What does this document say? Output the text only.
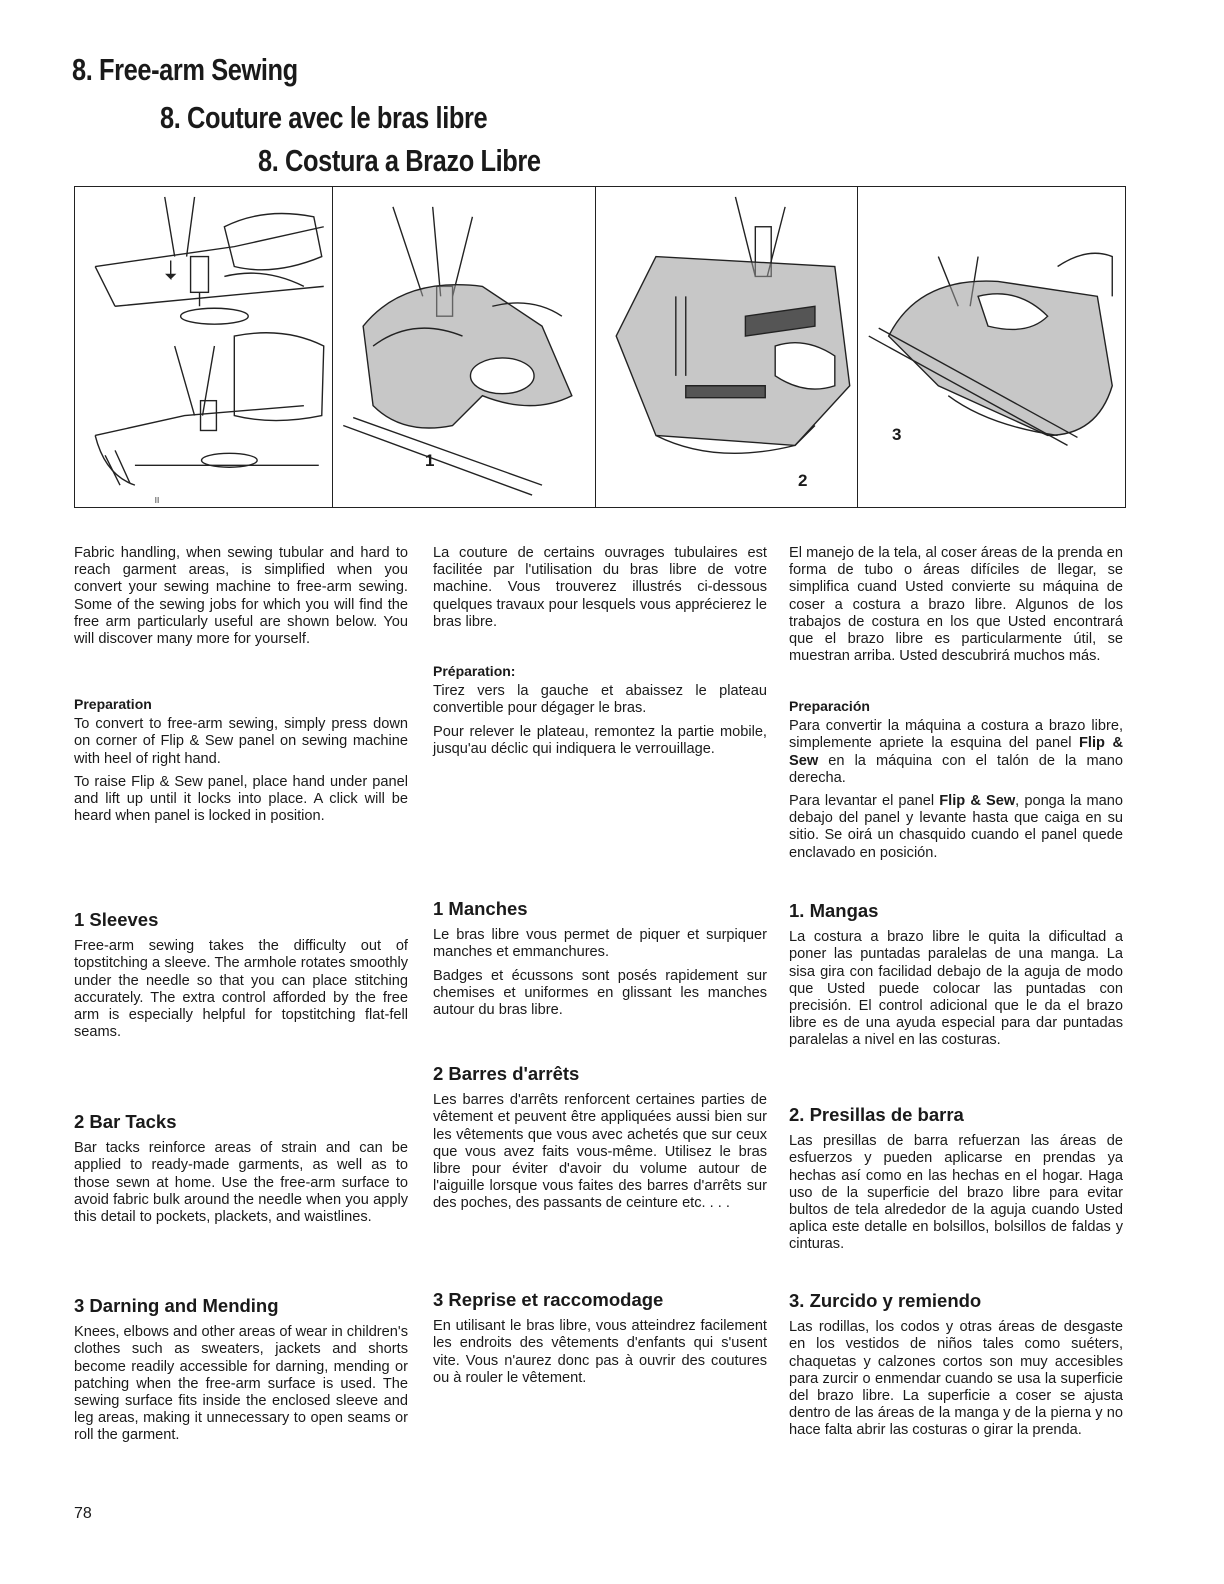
8. Free-arm Sewing
8. Couture avec le bras libre
8. Costura a Brazo Libre
II
1
2
3

Fabric handling, when sewing tubular and hard to reach garment areas, is simplified when you convert your sewing machine to free-arm sewing. Some of the sewing jobs for which you will find the free arm particularly useful are shown below. You will discover many more for yourself.

Preparation

To convert to free-arm sewing, simply press down on corner of Flip & Sew panel on sewing machine with heel of right hand.

To raise Flip & Sew panel, place hand under panel and lift up until it locks into place. A click will be heard when panel is locked in position.

1 Sleeves

Free-arm sewing takes the difficulty out of topstitching a sleeve. The armhole rotates smoothly under the needle so that you can place stitching accurately. The extra control afforded by the free arm is especially helpful for topstitching flat-fell seams.

2 Bar Tacks

Bar tacks reinforce areas of strain and can be applied to ready-made garments, as well as to those sewn at home. Use the free-arm surface to avoid fabric bulk around the needle when you apply this detail to pockets, plackets, and waistlines.

3 Darning and Mending

Knees, elbows and other areas of wear in children's clothes such as sweaters, jackets and shorts become readily accessible for darning, mending or patching when the free-arm surface is used. The sewing surface fits inside the enclosed sleeve and leg areas, making it unnecessary to open seams or roll the garment.

La couture de certains ouvrages tubulaires est facilitée par l'utilisation du bras libre de votre machine. Vous trouverez illustrés ci-dessous quelques travaux pour lesquels vous apprécierez le bras libre.

Préparation:

Tirez vers la gauche et abaissez le plateau convertible pour dégager le bras.

Pour relever le plateau, remontez la partie mobile, jusqu'au déclic qui indiquera le verrouillage.

1 Manches

Le bras libre vous permet de piquer et surpiquer manches et emmanchures.

Badges et écussons sont posés rapidement sur chemises et uniformes en glissant les manches autour du bras libre.

2 Barres d'arrêts

Les barres d'arrêts renforcent certaines parties de vêtement et peuvent être appliquées aussi bien sur les vêtements que vous avec achetés que sur ceux que vous avez faits vous-même. Utilisez le bras libre pour éviter d'avoir du volume autour de l'aiguille lorsque vous faites des barres d'arrêts sur des poches, des passants de ceinture etc. . . .

3 Reprise et raccomodage

En utilisant le bras libre, vous atteindrez facilement les endroits des vêtements d'enfants qui s'usent vite. Vous n'aurez donc pas à ouvrir des coutures ou à rouler le vêtement.

El manejo de la tela, al coser áreas de la prenda en forma de tubo o áreas difíciles de llegar, se simplifica cuand Usted convierte su máquina de coser a costura a brazo libre. Algunos de los trabajos de costura en los que Usted encontrará que el brazo libre es particularmente útil, se muestran arriba. Usted descubrirá muchos más.

Preparación

Para convertir la máquina a costura a brazo libre, simplemente apriete la esquina del panel Flip & Sew en la máquina con el talón de la mano derecha.

Para levantar el panel Flip & Sew, ponga la mano debajo del panel y levante hasta que caiga en su sitio. Se oirá un chasquido cuando el panel quede enclavado en posición.

1. Mangas

La costura a brazo libre le quita la dificultad a poner las puntadas paralelas de una manga. La sisa gira con facilidad debajo de la aguja de modo que Usted puede colocar las puntadas con precisión. El control adicional que le da el brazo libre es de una ayuda especial para dar puntadas paralelas a nivel en las costuras.

2. Presillas de barra

Las presillas de barra refuerzan las áreas de esfuerzos y pueden aplicarse en prendas ya hechas así como en las hechas en el hogar. Haga uso de la superficie del brazo libre para evitar bultos de tela alrededor de la aguja cuando Usted aplica este detalle en bolsillos, bolsillos de faldas y cinturas.

3. Zurcido y remiendo

Las rodillas, los codos y otras áreas de desgaste en los vestidos de niños tales como suéters, chaquetas y calzones cortos son muy accesibles para zurcir o enmendar cuando se usa la superficie del brazo libre. La superficie a coser se ajusta dentro de las áreas de la manga y de la pierna y no hace falta abrir las costuras o girar la prenda.

78
